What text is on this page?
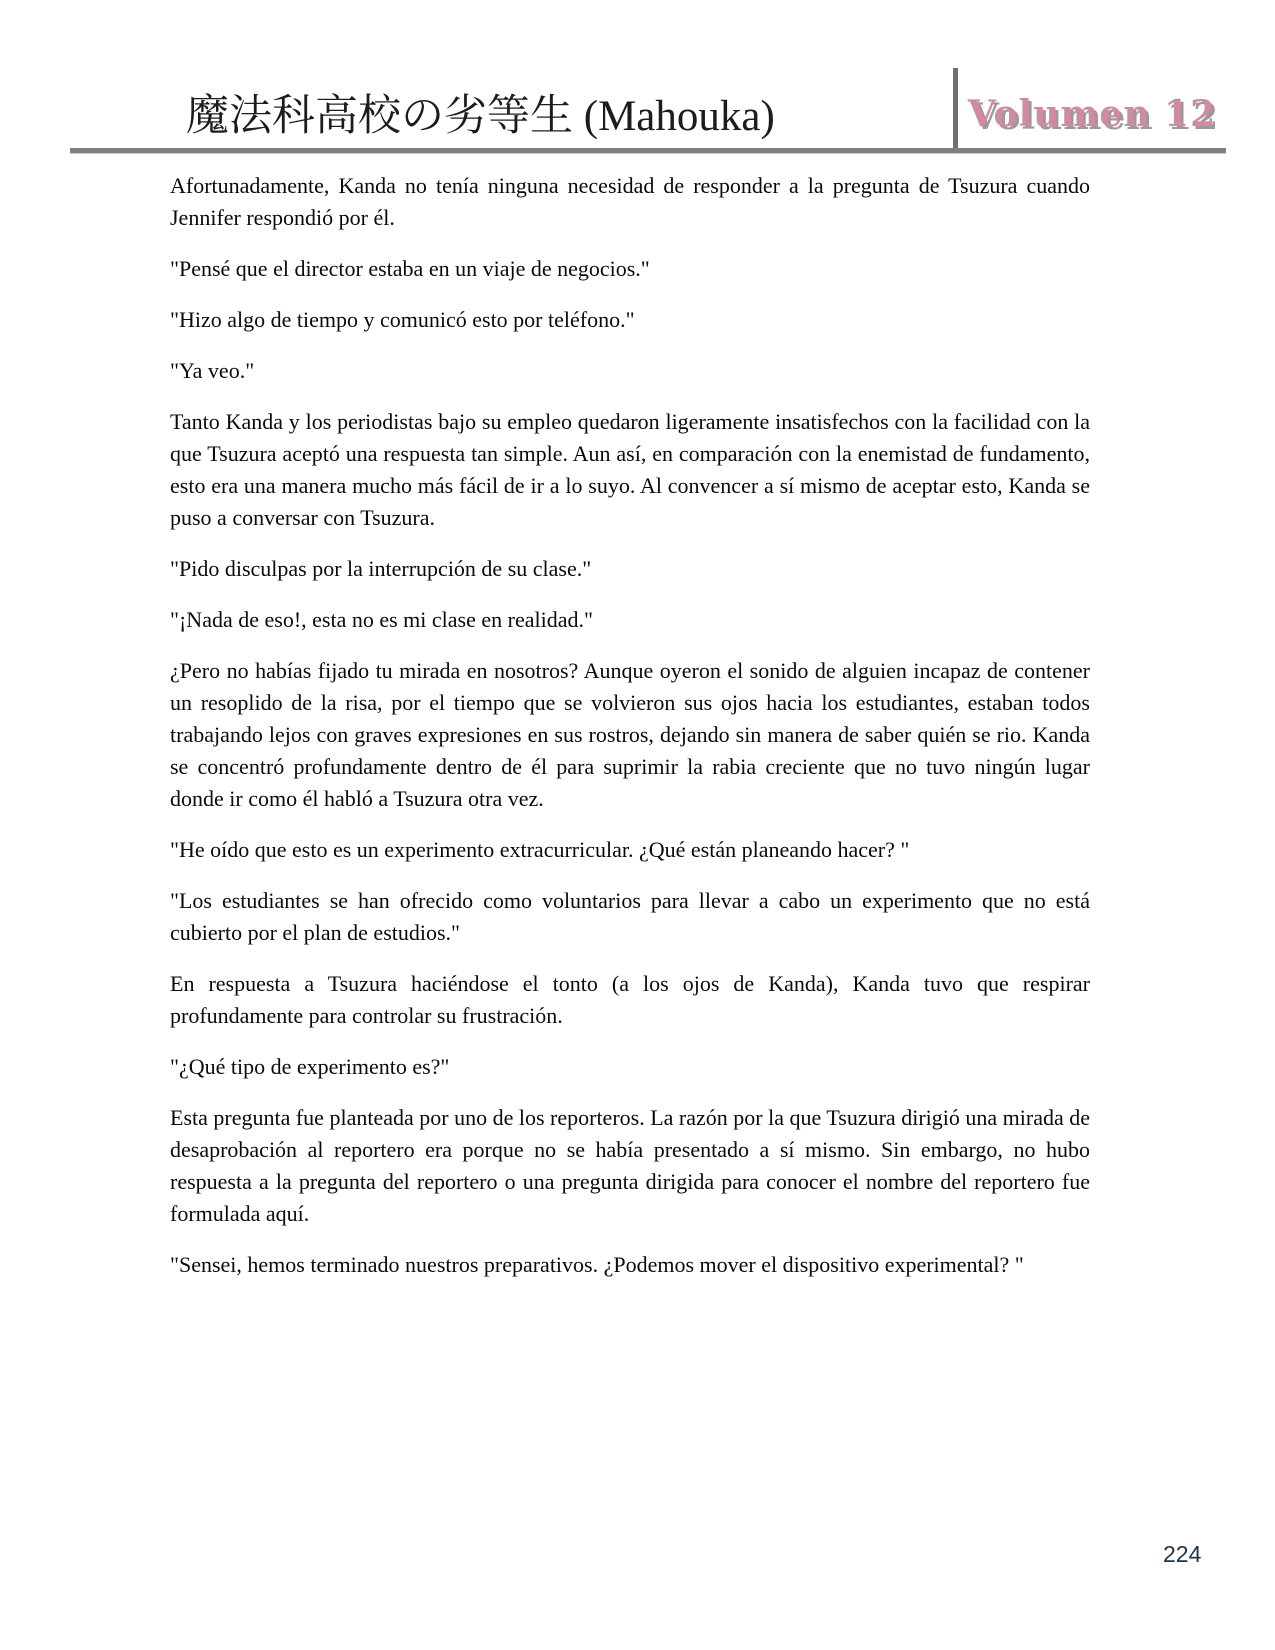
魔法科高校の劣等生 (Mahouka)	Volumen 12

Afortunadamente, Kanda no tenía ninguna necesidad de responder a la pregunta de Tsuzura cuando Jennifer respondió por él.

"Pensé que el director estaba en un viaje de negocios."

"Hizo algo de tiempo y comunicó esto por teléfono."

"Ya veo."

Tanto Kanda y los periodistas bajo su empleo quedaron ligeramente insatisfechos con la facilidad con la que Tsuzura aceptó una respuesta tan simple. Aun así, en comparación con la enemistad de fundamento, esto era una manera mucho más fácil de ir a lo suyo. Al convencer a sí mismo de aceptar esto, Kanda se puso a conversar con Tsuzura.

"Pido disculpas por la interrupción de su clase."

"¡Nada de eso!, esta no es mi clase en realidad."

¿Pero no habías fijado tu mirada en nosotros? Aunque oyeron el sonido de alguien incapaz de contener un resoplido de la risa, por el tiempo que se volvieron sus ojos hacia los estudiantes, estaban todos trabajando lejos con graves expresiones en sus rostros, dejando sin manera de saber quién se rio. Kanda se concentró profundamente dentro de él para suprimir la rabia creciente que no tuvo ningún lugar donde ir como él habló a Tsuzura otra vez.

"He oído que esto es un experimento extracurricular. ¿Qué están planeando hacer? "

"Los estudiantes se han ofrecido como voluntarios para llevar a cabo un experimento que no está cubierto por el plan de estudios."

En respuesta a Tsuzura haciéndose el tonto (a los ojos de Kanda), Kanda tuvo que respirar profundamente para controlar su frustración.

"¿Qué tipo de experimento es?"

Esta pregunta fue planteada por uno de los reporteros. La razón por la que Tsuzura dirigió una mirada de desaprobación al reportero era porque no se había presentado a sí mismo. Sin embargo, no hubo respuesta a la pregunta del reportero o una pregunta dirigida para conocer el nombre del reportero fue formulada aquí.

"Sensei, hemos terminado nuestros preparativos. ¿Podemos mover el dispositivo experimental? "

224
